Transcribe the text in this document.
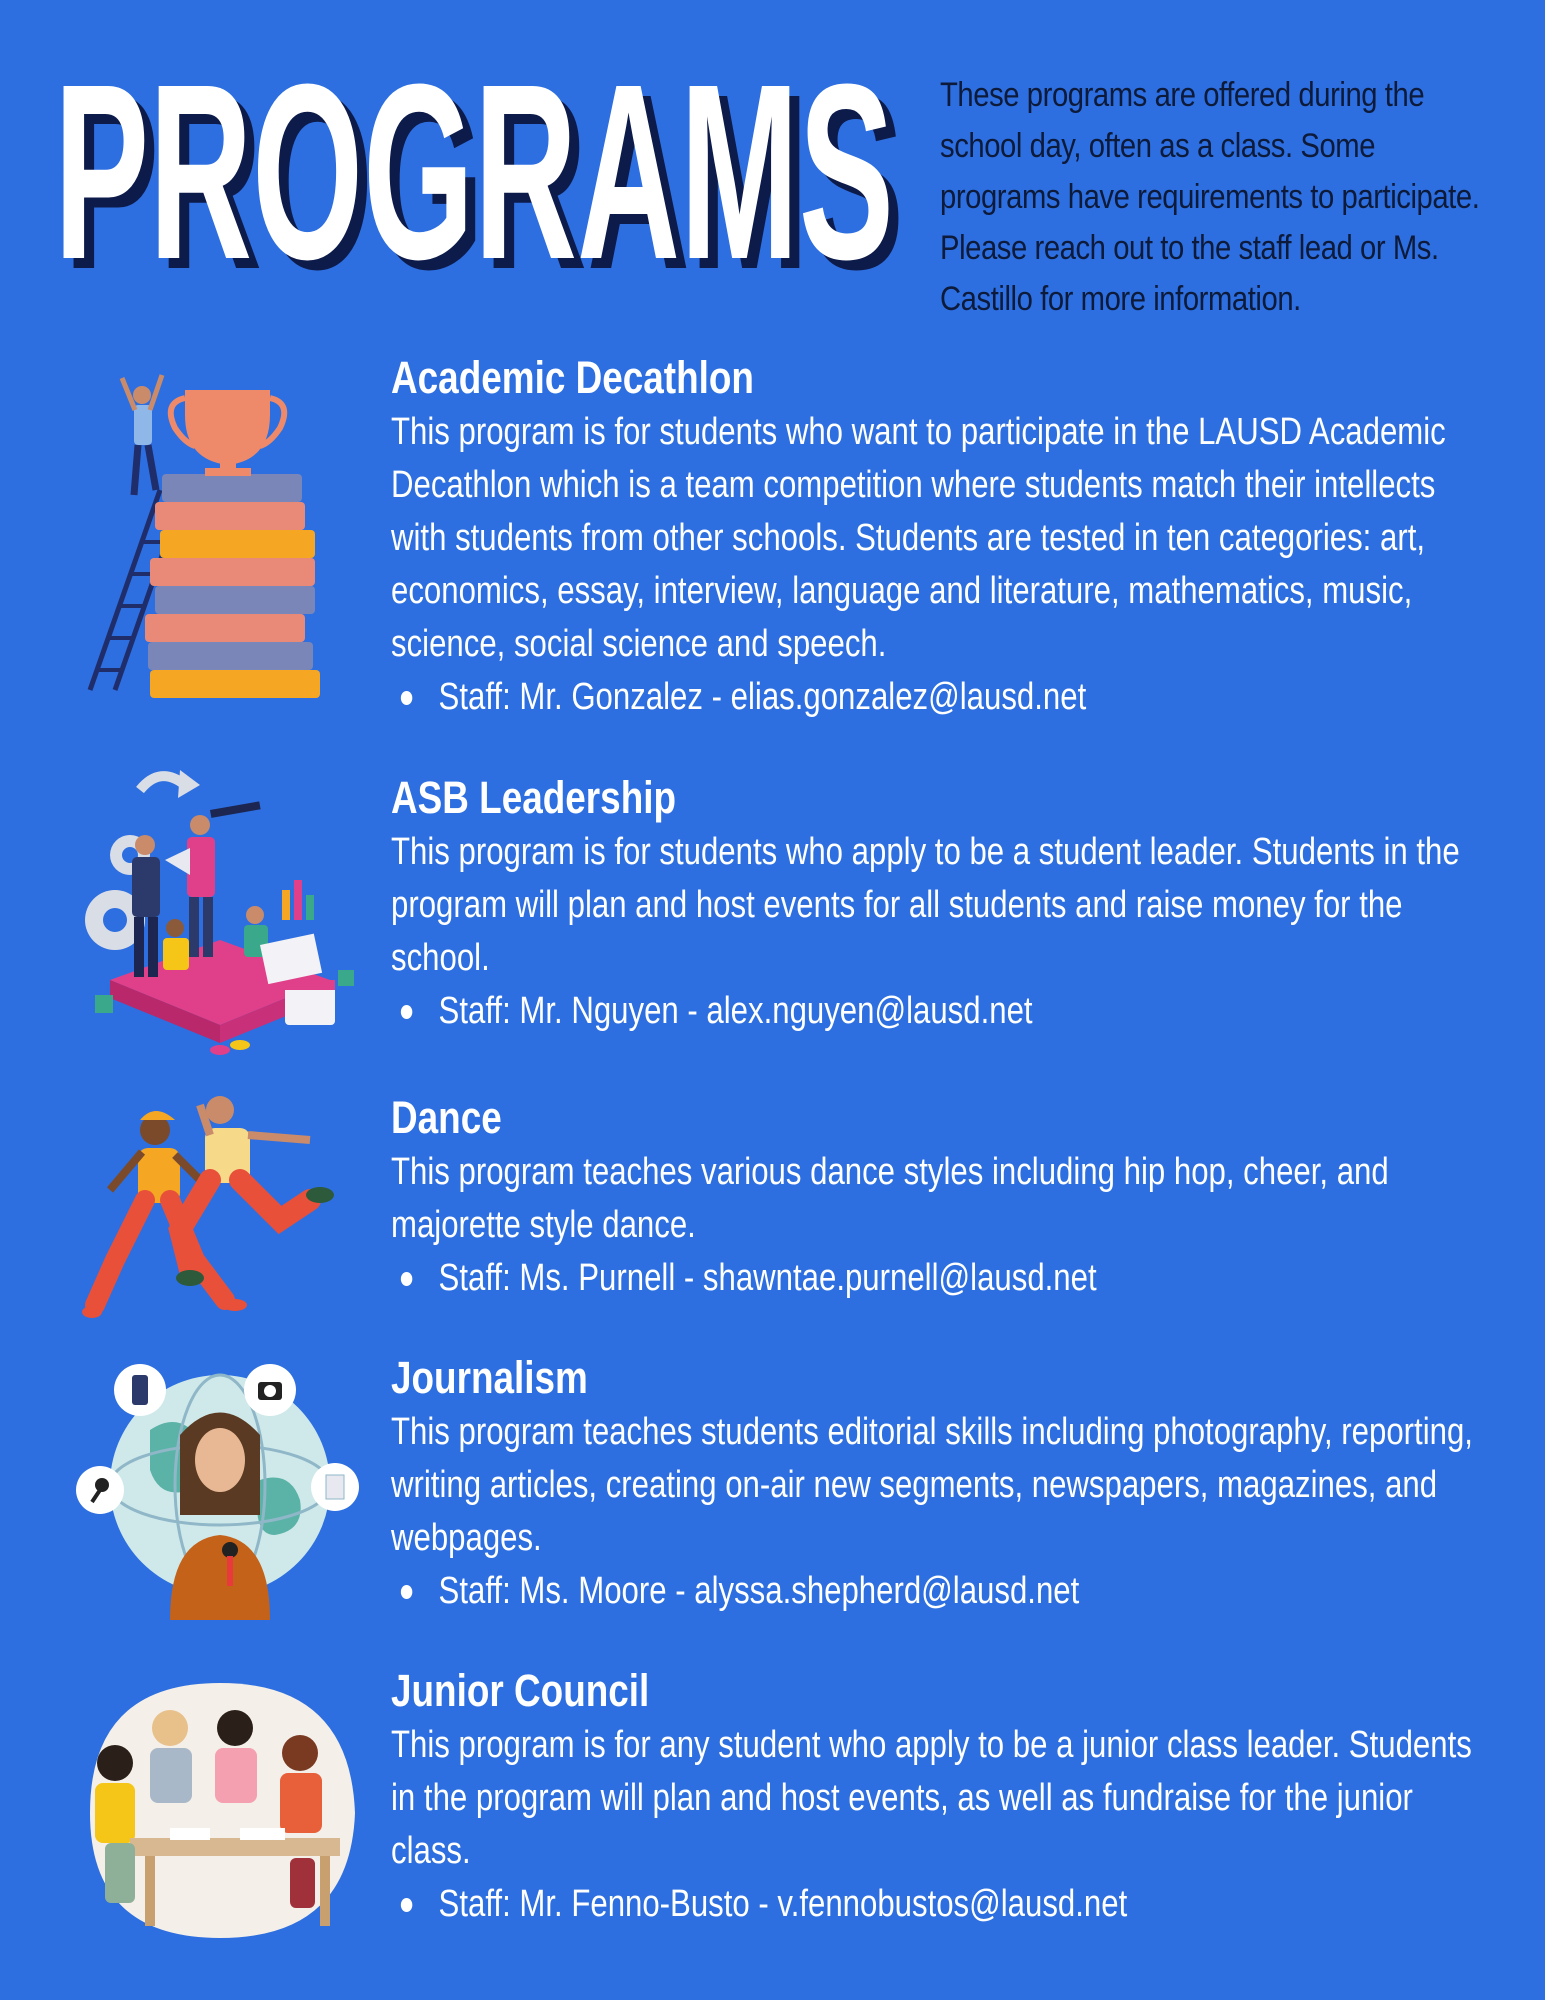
PROGRAMS
PROGRAMS These programs are offered during the school day, often as a class. Some programs have requirements to participate. Please reach out to the staff lead or Ms. Castillo for more information.
Academic Decathlon

This program is for students who want to participate in the LAUSD Academic Decathlon which is a team competition where students match their intellects with students from other schools. Students are tested in ten categories: art, economics, essay, interview, language and literature, mathematics, music, science, social science and speech.

Staff: Mr. Gonzalez - elias.gonzalez@lausd.net
ASB Leadership

This program is for students who apply to be a student leader. Students in the program will plan and host events for all students and raise money for the school.

Staff: Mr. Nguyen - alex.nguyen@lausd.net
Dance

This program teaches various dance styles including hip hop, cheer, and majorette style dance.

Staff: Ms. Purnell - shawntae.purnell@lausd.net
Journalism

This program teaches students editorial skills including photography, reporting, writing articles, creating on-air new segments, newspapers, magazines, and webpages.

Staff: Ms. Moore - alyssa.shepherd@lausd.net
Junior Council

This program is for any student who apply to be a junior class leader. Students in the program will plan and host events, as well as fundraise for the junior class.

Staff: Mr. Fenno-Busto - v.fennobustos@lausd.net
